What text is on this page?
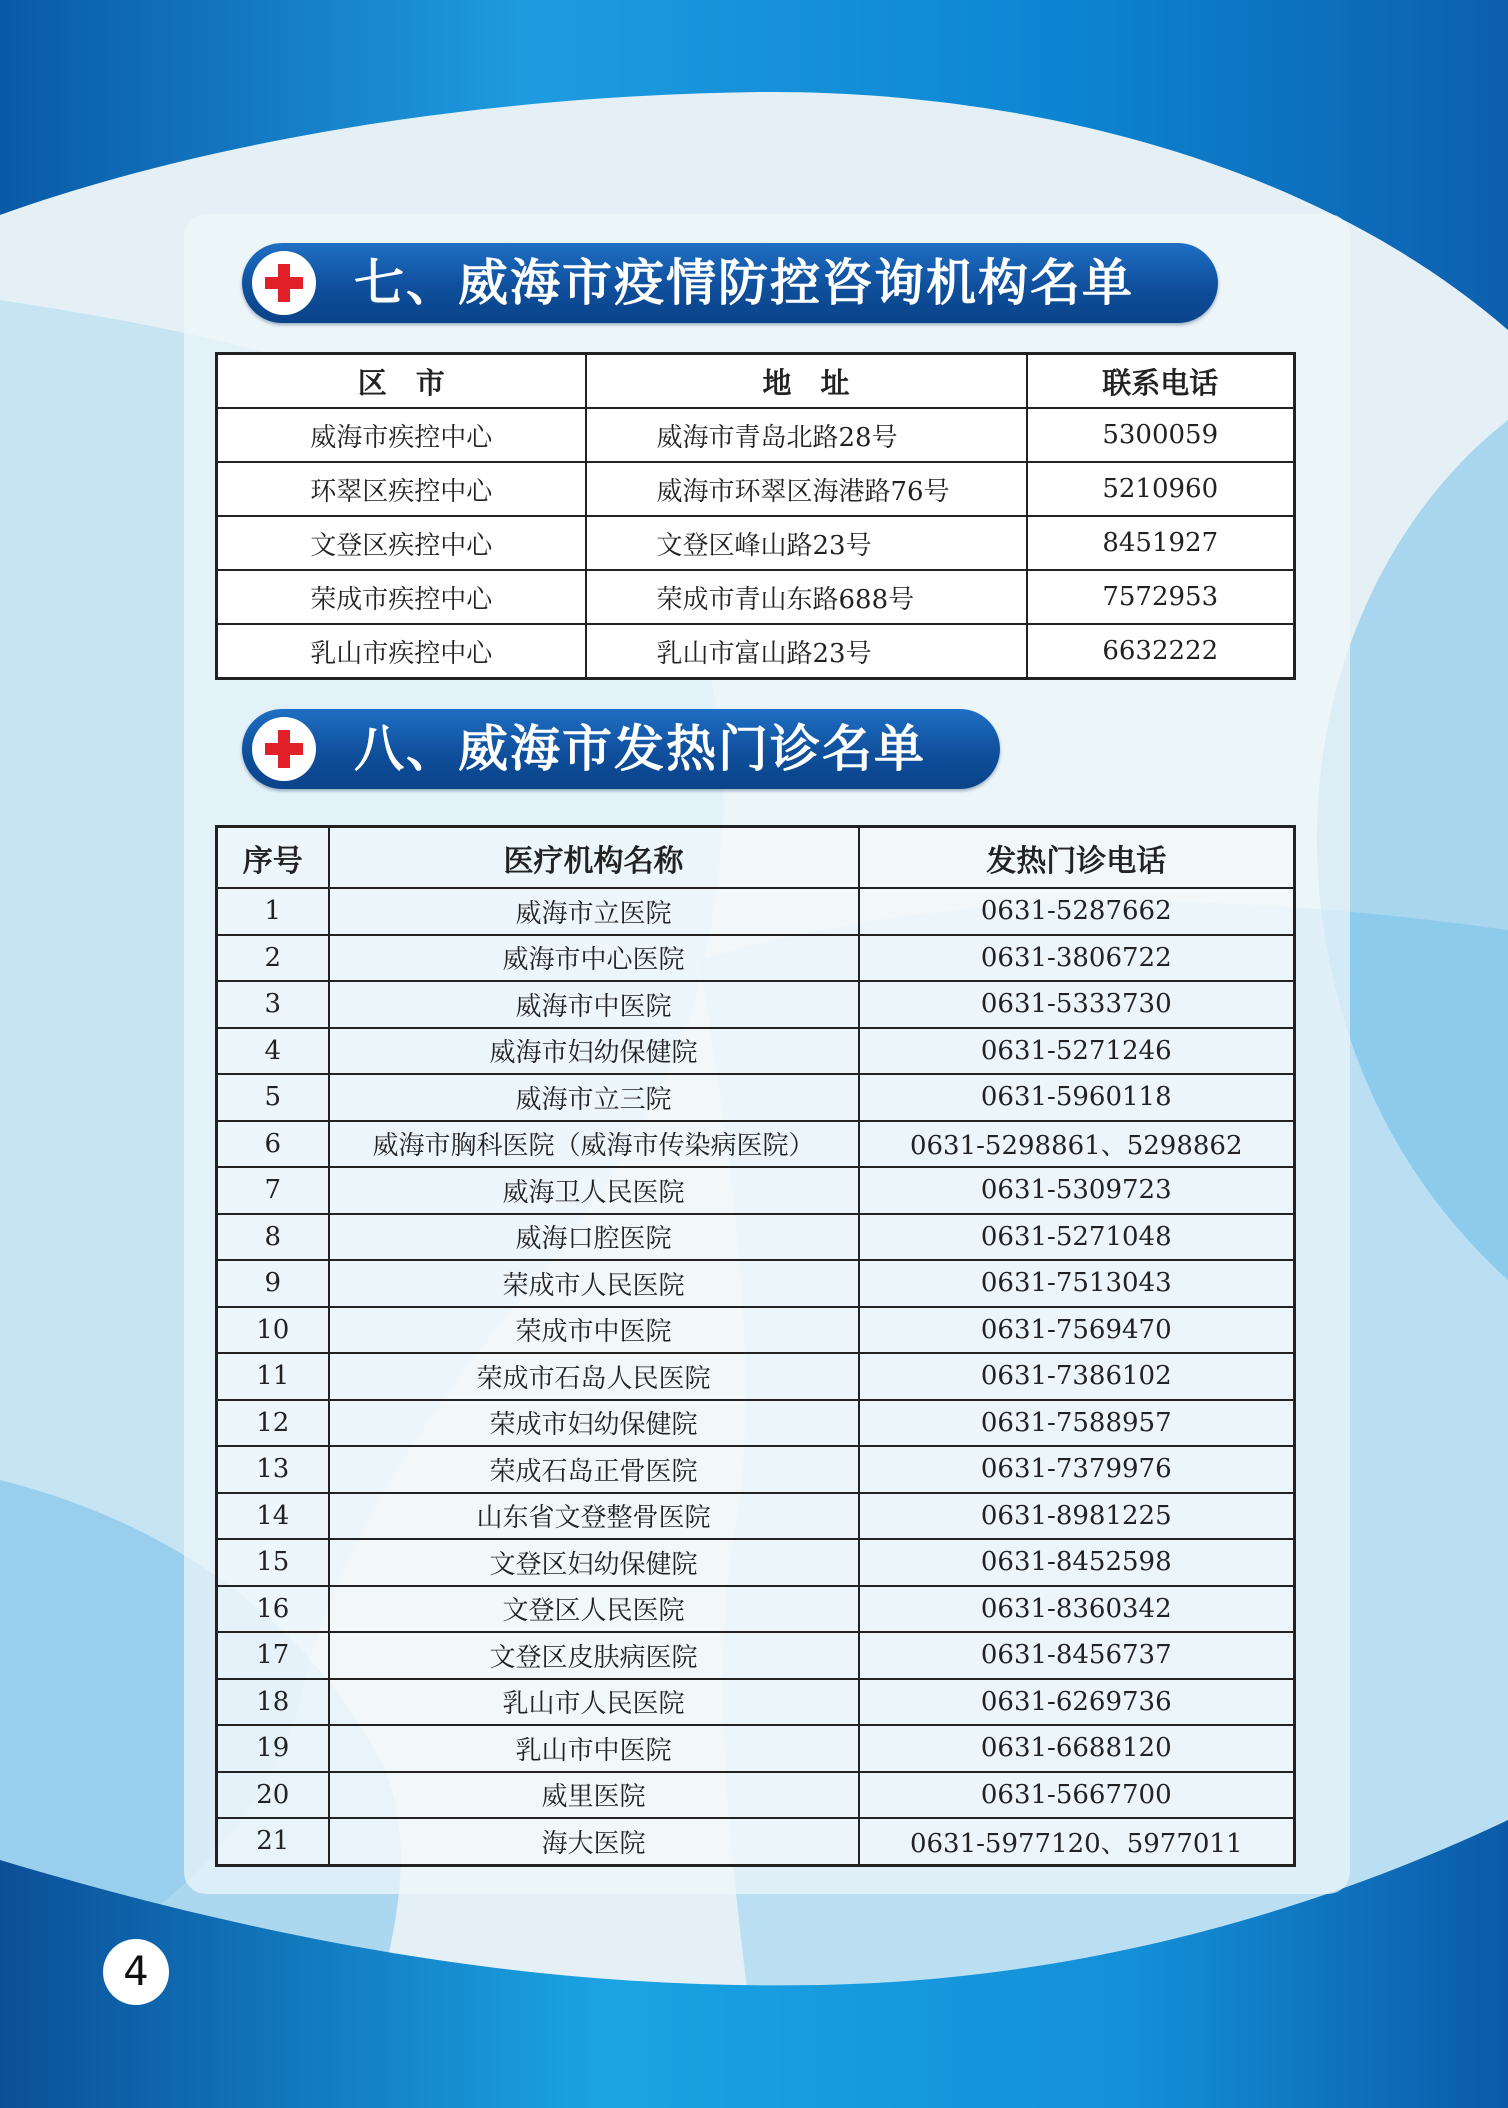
七、威海市疫情防控咨询机构名单
区　市	地　址	联系电话
威海市疾控中心	威海市青岛北路28号	5300059
环翠区疾控中心	威海市环翠区海港路76号	5210960
文登区疾控中心	文登区峰山路23号	8451927
荣成市疾控中心	荣成市青山东路688号	7572953
乳山市疾控中心	乳山市富山路23号	6632222
八、威海市发热门诊名单
序号	医疗机构名称	发热门诊电话
1	威海市立医院	0631-5287662
2	威海市中心医院	0631-3806722
3	威海市中医院	0631-5333730
4	威海市妇幼保健院	0631-5271246
5	威海市立三院	0631-5960118
6	威海市胸科医院（威海市传染病医院）	0631-5298861、5298862
7	威海卫人民医院	0631-5309723
8	威海口腔医院	0631-5271048
9	荣成市人民医院	0631-7513043
10	荣成市中医院	0631-7569470
11	荣成市石岛人民医院	0631-7386102
12	荣成市妇幼保健院	0631-7588957
13	荣成石岛正骨医院	0631-7379976
14	山东省文登整骨医院	0631-8981225
15	文登区妇幼保健院	0631-8452598
16	文登区人民医院	0631-8360342
17	文登区皮肤病医院	0631-8456737
18	乳山市人民医院	0631-6269736
19	乳山市中医院	0631-6688120
20	威里医院	0631-5667700
21	海大医院	0631-5977120、5977011
4
